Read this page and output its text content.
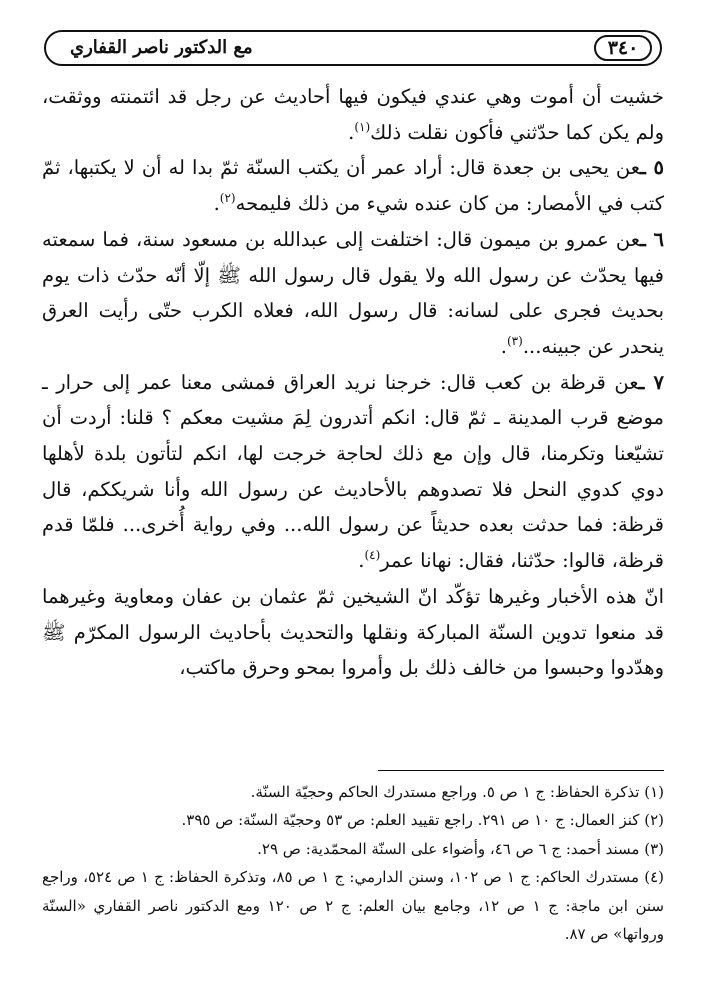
٣٤٠
مع الدكتور ناصر القفاري

خشيت أن أموت وهي عندي فيكون فيها أحاديث عن رجل قد ائتمنته ووثقت، ولم يكن كما حدّثني فأكون نقلت ذلك$^{(١)}$.

٥ ـعن يحيى بن جعدة قال: أراد عمر أن يكتب السنّة ثمّ بدا له أن لا يكتبها، ثمّ كتب في الأمصار: من كان عنده شيء من ذلك فليمحه$^{(٢)}$.

٦ ـعن عمرو بن ميمون قال: اختلفت إلى عبدالله بن مسعود سنة، فما سمعته فيها يحدّث عن رسول الله ولا يقول قال رسول الله ﷺ إلّا أنّه حدّث ذات يوم بحديث فجرى على لسانه: قال رسول الله، فعلاه الكرب حتّى رأيت العرق ينحدر عن جبينه...$^{(٣)}$.

٧ ـعن قرظة بن كعب قال: خرجنا نريد العراق فمشى معنا عمر إلى حرار ـ موضع قرب المدينة ـ ثمّ قال: انكم أتدرون لِمَ مشيت معكم ؟ قلنا: أردت أن تشيّعنا وتكرمنا، قال وإن مع ذلك لحاجة خرجت لها، انكم لتأتون بلدة لأهلها دوي كدوي النحل فلا تصدوهم بالأحاديث عن رسول الله وأنا شريككم، قال قرظة: فما حدثت بعده حديثاً عن رسول الله... وفي رواية أُخرى... فلمّا قدم قرظة، قالوا: حدّثنا، فقال: نهانا عمر$^{(٤)}$.

انّ هذه الأخبار وغيرها تؤكّد انّ الشيخين ثمّ عثمان بن عفان ومعاوية وغيرهما قد منعوا تدوين السنّة المباركة ونقلها والتحديث بأحاديث الرسول المكرّم ﷺ وهدّدوا وحبسوا من خالف ذلك بل وأمروا بمحو وحرق ماكتب،

(١) تذكرة الحفاظ: ج ١ ص ٥. وراجع مستدرك الحاكم وحجيّة السنّة.

(٢) كنز العمال: ج ١٠ ص ٢٩١. راجع تقييد العلم: ص ٥٣ وحجيّة السنّة: ص ٣٩٥.

(٣) مسند أحمد: ج ٦ ص ٤٦، وأضواء على السنّة المحمّدية: ص ٢٩.

(٤) مستدرك الحاكم: ج ١ ص ١٠٢، وسنن الدارمي: ج ١ ص ٨٥، وتذكرة الحفاظ: ج ١ ص ٥٢٤، وراجع سنن ابن ماجة: ج ١ ص ١٢، وجامع بيان العلم: ج ٢ ص ١٢٠ ومع الدكتور ناصر القفاري «السنّة ورواتها» ص ٨٧.
